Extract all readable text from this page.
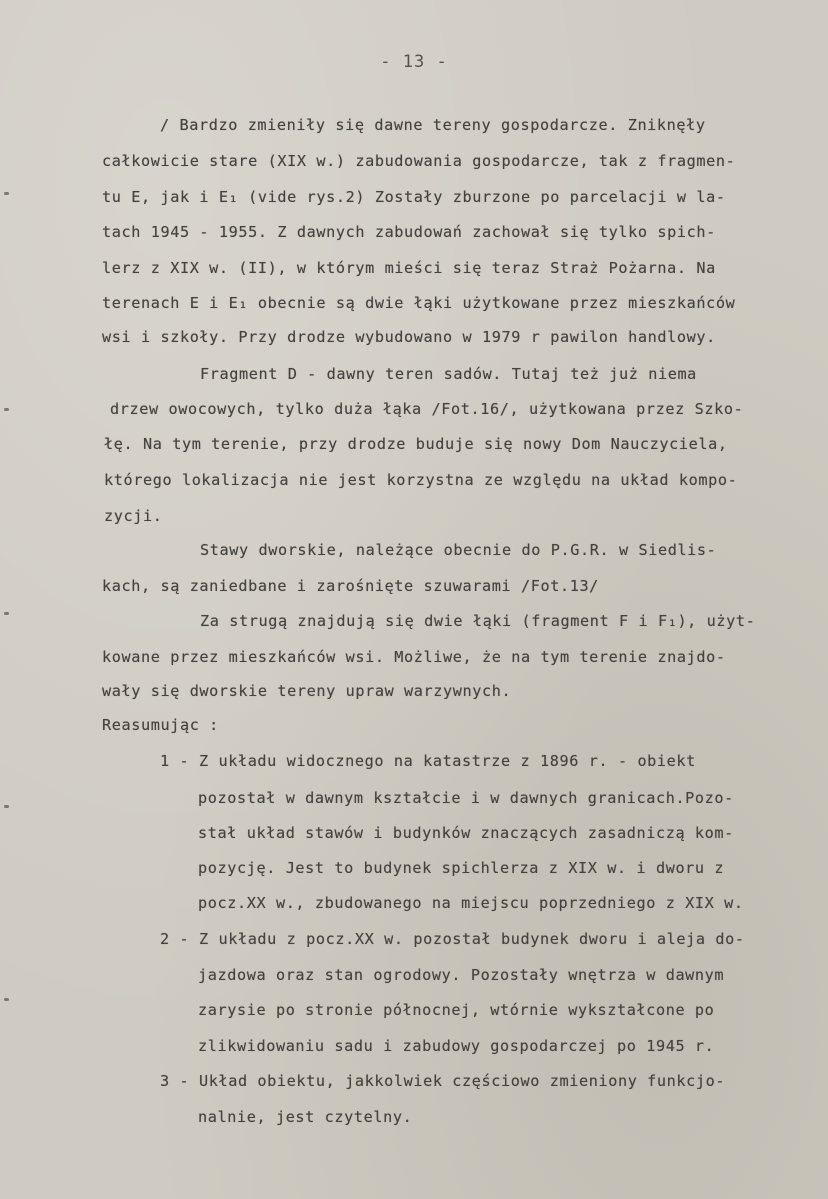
- 13 -
/ Bardzo zmieniły się dawne tereny gospodarcze. Zniknęły
całkowicie stare (XIX w.) zabudowania gospodarcze, tak z fragmen-
tu E, jak i E₁ (vide rys.2) Zostały zburzone po parcelacji w la-
tach 1945 - 1955. Z dawnych zabudowań zachował się tylko spich-
lerz z XIX w. (II), w którym mieści się teraz Straż Pożarna. Na
terenach E i E₁ obecnie są dwie łąki użytkowane przez mieszkańców
wsi i szkoły. Przy drodze wybudowano w 1979 r pawilon handlowy.
Fragment D - dawny teren sadów. Tutaj też już niema
drzew owocowych, tylko duża łąka /Fot.16/, użytkowana przez Szko-
łę. Na tym terenie, przy drodze buduje się nowy Dom Nauczyciela,
którego lokalizacja nie jest korzystna ze względu na układ kompo-
zycji.
Stawy dworskie, należące obecnie do P.G.R. w Siedlis-
kach, są zaniedbane i zarośnięte szuwarami /Fot.13/
Za strugą znajdują się dwie łąki (fragment F i F₁), użyt-
kowane przez mieszkańców wsi. Możliwe, że na tym terenie znajdo-
wały się dworskie tereny upraw warzywnych.
Reasumując :
1 - Z układu widocznego na katastrze z 1896 r. - obiekt
pozostał w dawnym kształcie i w dawnych granicach.Pozo-
stał układ stawów i budynków znaczących zasadniczą kom-
pozycję. Jest to budynek spichlerza z XIX w. i dworu z
pocz.XX w., zbudowanego na miejscu poprzedniego z XIX w.
2 - Z układu z pocz.XX w. pozostał budynek dworu i aleja do-
jazdowa oraz stan ogrodowy. Pozostały wnętrza w dawnym
zarysie po stronie północnej, wtórnie wykształcone po
zlikwidowaniu sadu i zabudowy gospodarczej po 1945 r.
3 - Układ obiektu, jakkolwiek częściowo zmieniony funkcjo-
nalnie, jest czytelny.
